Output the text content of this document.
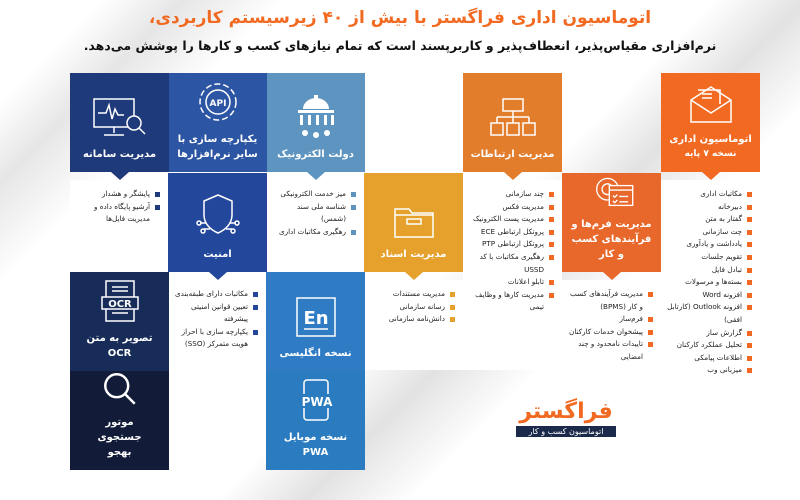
اتوماسیون اداری فراگستر با بیش از ۴۰ زیرسیستم کاربردی،
نرم‌افزاری مقیاس‌پذیر، انعطاف‌پذیر و کاربرپسند است که تمام نیازهای کسب و کارها را پوشش می‌دهد.
اتوماسیون اداری
نسخه ۷ پایه
مکاتبات اداری
دبیرخانه
گفتار به متن
چت سازمانی
یادداشت و یادآوری
تقویم جلسات
تبادل فایل
بسته‌ها و مرسولات
افزونه Word
افزونه Outlook (کارتابل افقی)
گزارش ساز
تحلیل عملکرد کارکنان
اطلاعات پیامکی
میزبانی وب
مدیریت فرم‌ها و فرآیندهای کسب و کار
مدیریت فرآیندهای کسب و کار (BPMS)
فرم‌ساز
پیشخوان خدمات کارکنان
تاییدات نامحدود و چند امضایی
مدیریت ارتباطات
چند سازمانی
مدیریت فکس
مدیریت پست الکترونیک
پروتکل ارتباطی ECE
پروتکل ارتباطی PTP
رهگیری مکاتبات با کد USSD
تابلو اعلانات
مدیریت کارها و وظایف تیمی
مدیریت اسناد
مدیریت مستندات
رسانه سازمانی
دانش‌نامه سازمانی
دولت الکترونیک
میز خدمت الکترونیکی
شناسه ملی سند (شمس)
رهگیری مکاتبات اداری
En
نسخه انگلیسی
PWA
نسخه موبایل
PWA
API
یکپارچه سازی با سایر نرم‌افزارها
امنیت
مکاتبات دارای طبقه‌بندی
تعیین قوانین امنیتی پیشرفته
یکپارچه سازی با احراز هویت متمرکز (SSO)
مدیریت سامانه
پایشگر و هشدار
آرشیو پایگاه داده و مدیریت فایل‌ها
OCR
تصویر به متن
OCR
موتور جستجوی بهجو
فراگستر
اتوماسیون کسب و کار
